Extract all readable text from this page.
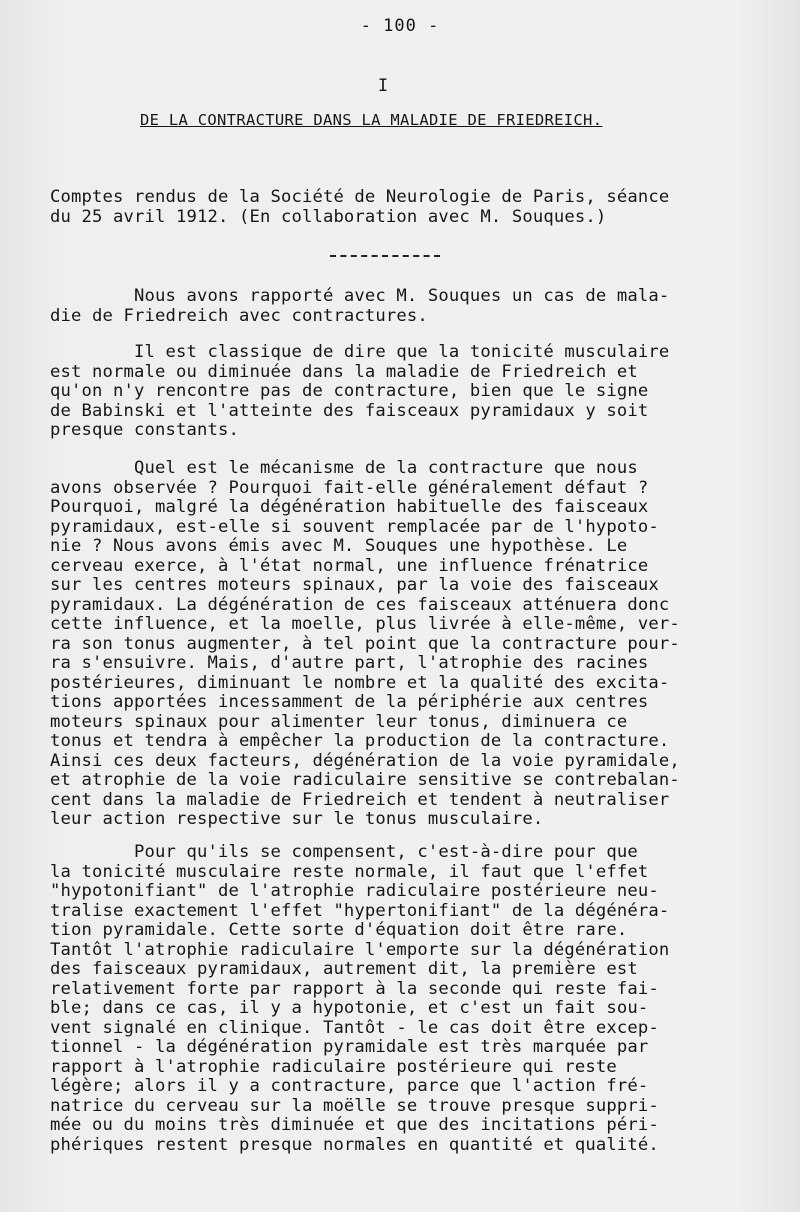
- 100 -
I
DE LA CONTRACTURE DANS LA MALADIE DE FRIEDREICH.
Comptes rendus de la Société de Neurologie de Paris, séance
du 25 avril 1912. (En collaboration avec M. Souques.)
Nous avons rapporté avec M. Souques un cas de mala-
die de Friedreich avec contractures.
Il est classique de dire que la tonicité musculaire
est normale ou diminuée dans la maladie de Friedreich et
qu'on n'y rencontre pas de contracture, bien que le signe
de Babinski et l'atteinte des faisceaux pyramidaux y soit
presque constants.
Quel est le mécanisme de la contracture que nous
avons observée ? Pourquoi fait-elle généralement défaut ?
Pourquoi, malgré la dégénération habituelle des faisceaux
pyramidaux, est-elle si souvent remplacée par de l'hypoto-
nie ? Nous avons émis avec M. Souques une hypothèse. Le
cerveau exerce, à l'état normal, une influence frénatrice
sur les centres moteurs spinaux, par la voie des faisceaux
pyramidaux. La dégénération de ces faisceaux atténuera donc
cette influence, et la moelle, plus livrée à elle-même, ver-
ra son tonus augmenter, à tel point que la contracture pour-
ra s'ensuivre. Mais, d'autre part, l'atrophie des racines
postérieures, diminuant le nombre et la qualité des excita-
tions apportées incessamment de la périphérie aux centres
moteurs spinaux pour alimenter leur tonus, diminuera ce
tonus et tendra à empêcher la production de la contracture.
Ainsi ces deux facteurs, dégénération de la voie pyramidale,
et atrophie de la voie radiculaire sensitive se contrebalan-
cent dans la maladie de Friedreich et tendent à neutraliser
leur action respective sur le tonus musculaire.
Pour qu'ils se compensent, c'est-à-dire pour que
la tonicité musculaire reste normale, il faut que l'effet
"hypotonifiant" de l'atrophie radiculaire postérieure neu-
tralise exactement l'effet "hypertonifiant" de la dégénéra-
tion pyramidale. Cette sorte d'équation doit être rare.
Tantôt l'atrophie radiculaire l'emporte sur la dégénération
des faisceaux pyramidaux, autrement dit, la première est
relativement forte par rapport à la seconde qui reste fai-
ble; dans ce cas, il y a hypotonie, et c'est un fait sou-
vent signalé en clinique. Tantôt - le cas doit être excep-
tionnel - la dégénération pyramidale est très marquée par
rapport à l'atrophie radiculaire postérieure qui reste
légère; alors il y a contracture, parce que l'action fré-
natrice du cerveau sur la moëlle se trouve presque suppri-
mée ou du moins très diminuée et que des incitations péri-
phériques restent presque normales en quantité et qualité.
